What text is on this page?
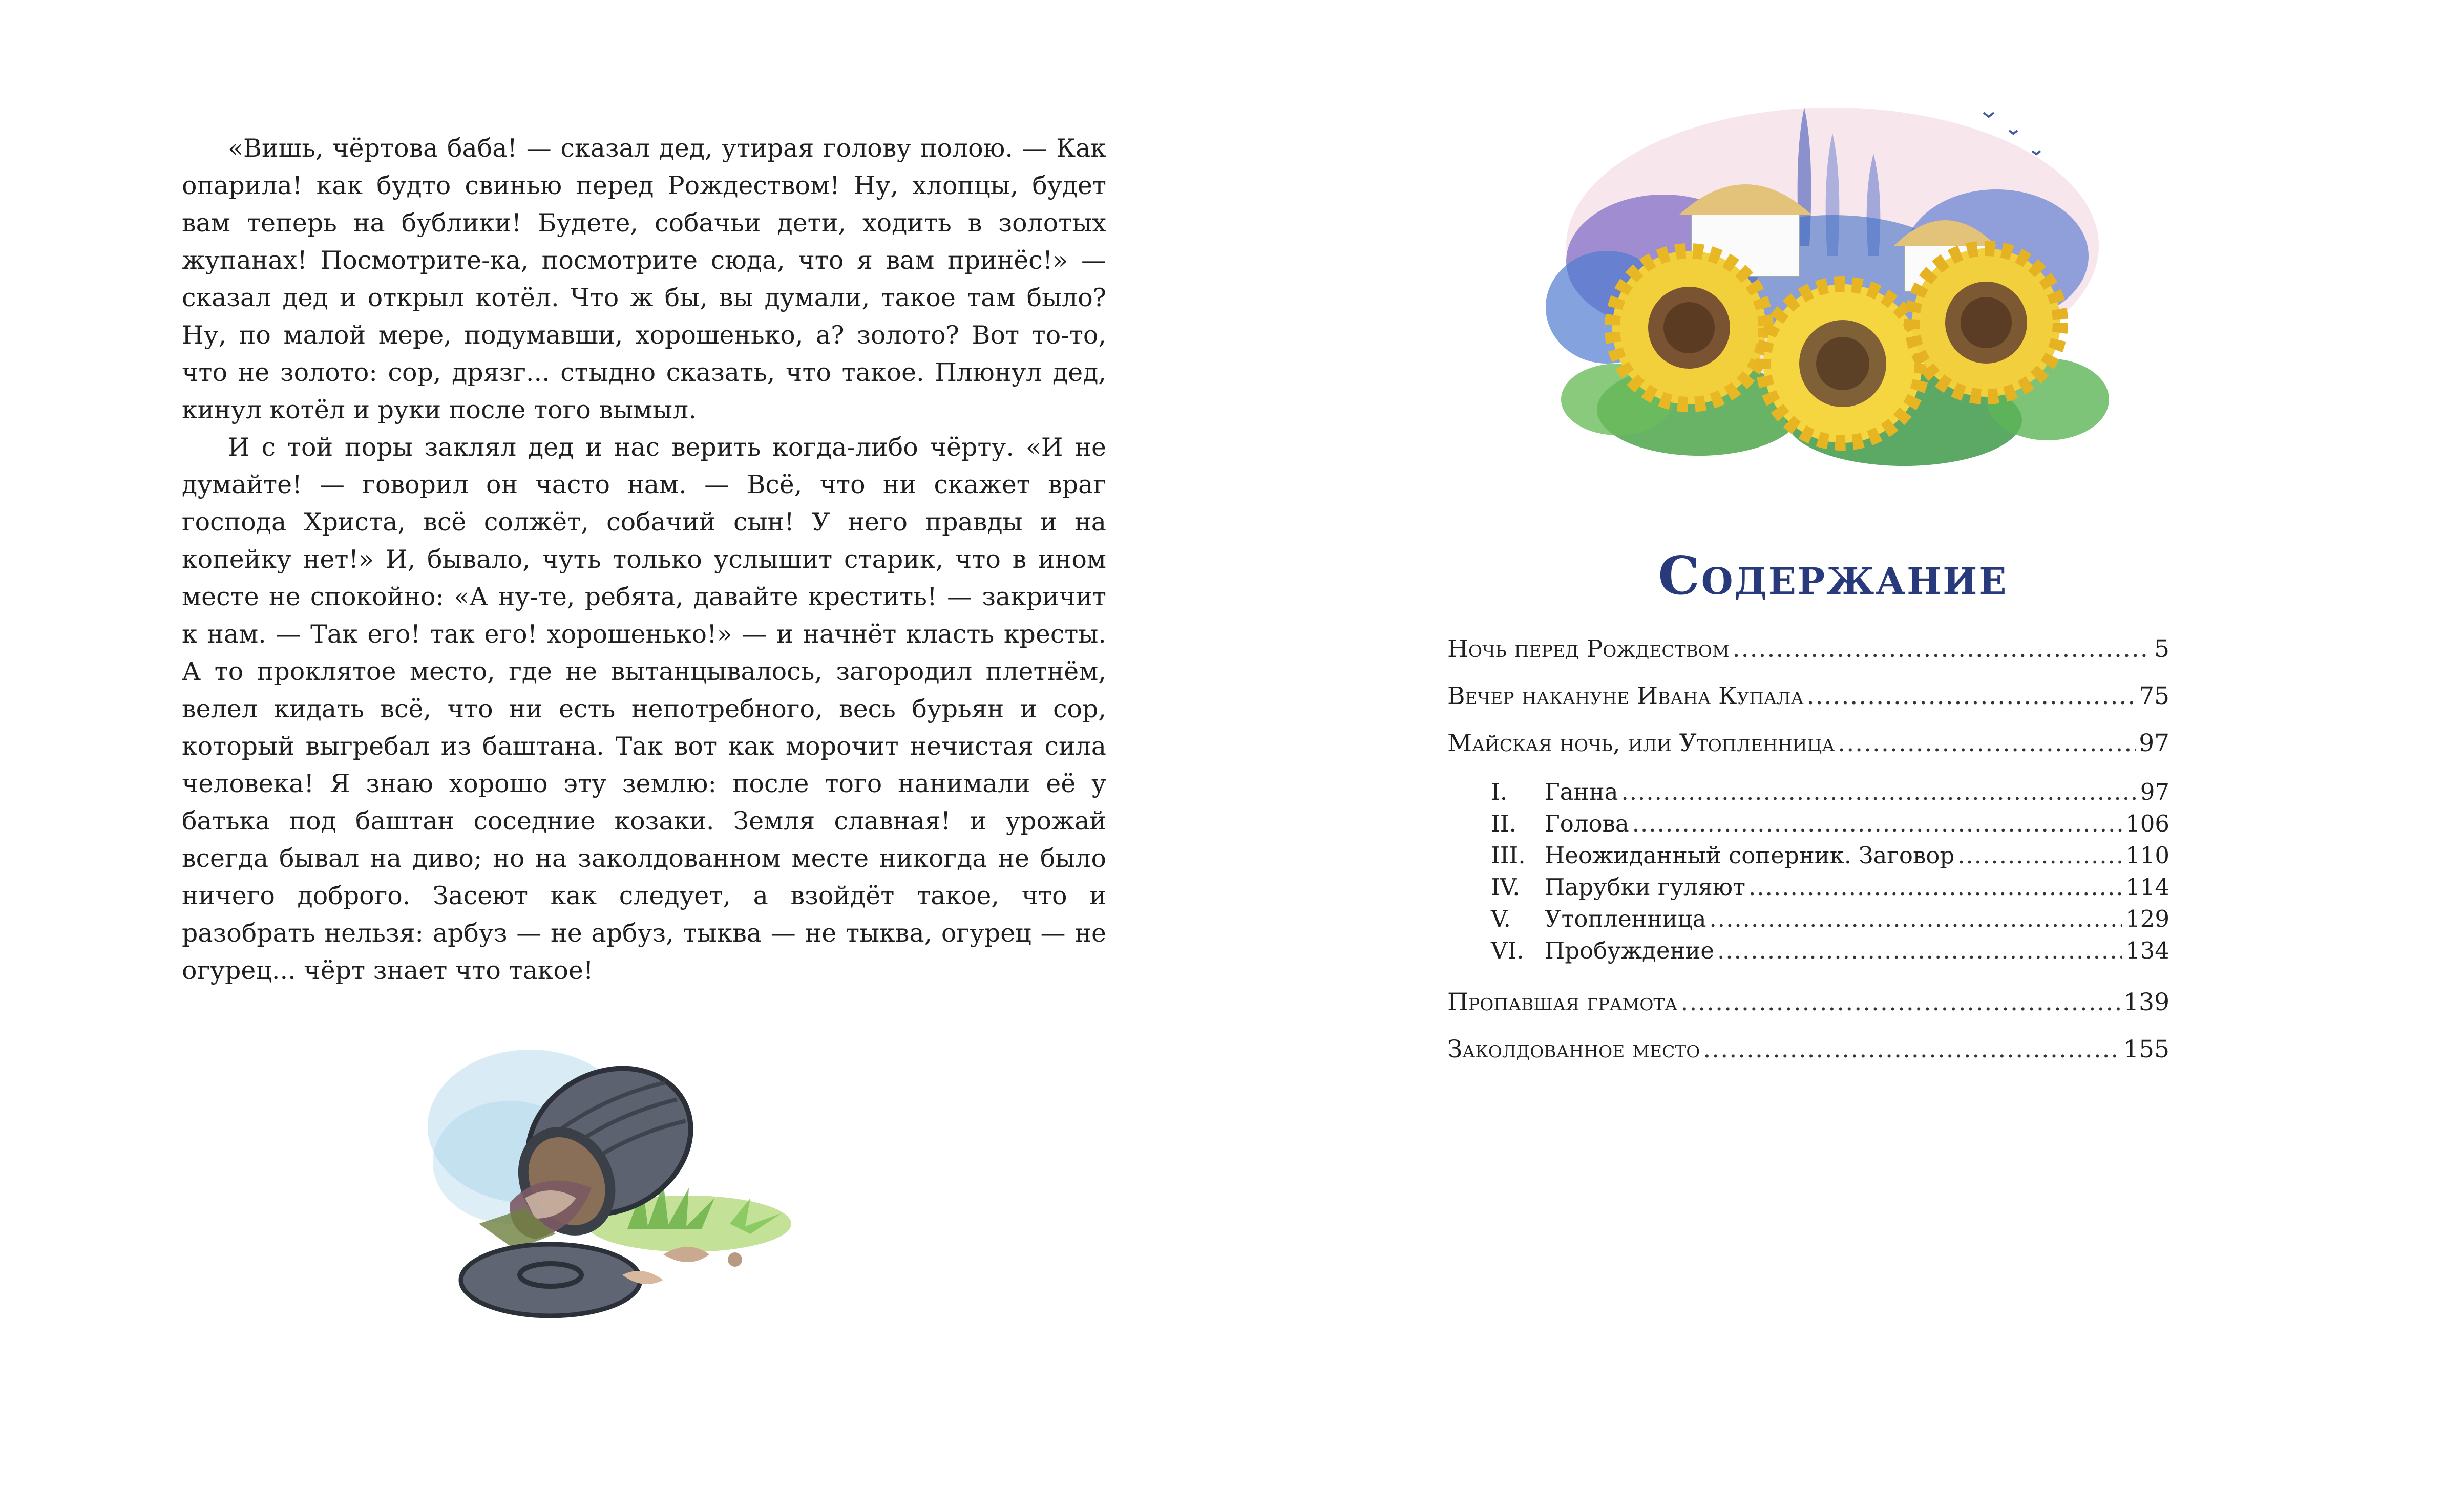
«Вишь, чёртова баба! — сказал дед, утирая голову полою. — Как опарила! как будто свинью перед Рождеством! Ну, хлопцы, будет вам теперь на бублики! Будете, собачьи дети, ходить в золотых жупанах! Посмотрите-ка, посмотрите сюда, что я вам принёс!» — сказал дед и открыл котёл. Что ж бы, вы думали, такое там было? Ну, по малой мере, подумавши, хорошенько, а? золото? Вот то-то, что не золото: сор, дрязг... стыдно сказать, что такое. Плюнул дед, кинул котёл и руки после того вымыл.

И с той поры заклял дед и нас верить когда-либо чёрту. «И не думайте! — говорил он часто нам. — Всё, что ни скажет враг господа Христа, всё солжёт, собачий сын! У него правды и на копейку нет!» И, бывало, чуть только услышит старик, что в ином месте не спокойно: «А ну-те, ребята, давайте крестить! — закричит к нам. — Так его! так его! хорошенько!» — и начнёт класть кресты. А то проклятое место, где не вытанцывалось, загородил плетнём, велел кидать всё, что ни есть непотребного, весь бурьян и сор, который выгребал из баштана. Так вот как морочит нечистая сила человека! Я знаю хорошо эту землю: после того нанимали её у батька под баштан соседние козаки. Земля славная! и урожай всегда бывал на диво; но на заколдованном месте никогда не было ничего доброго. Засеют как следует, а взойдёт такое, что и разобрать нельзя: арбуз — не арбуз, тыква — не тыква, огурец — не огурец... чёрт знает что такое!

Содержание
Ночь перед Рождеством .....	5
Вечер накануне Ивана Купала .....	75
Майская ночь, или Утопленница .....	97
I.	Ганна .....	97
II.	Голова .....	106
III. Неожиданный соперник. Заговор .....	110
IV.	Парубки гуляют .....	114
V.	Утопленница .....	129
VI. Пробуждение .....	134
Пропавшая грамота .....	139
Заколдованное место .....	155
